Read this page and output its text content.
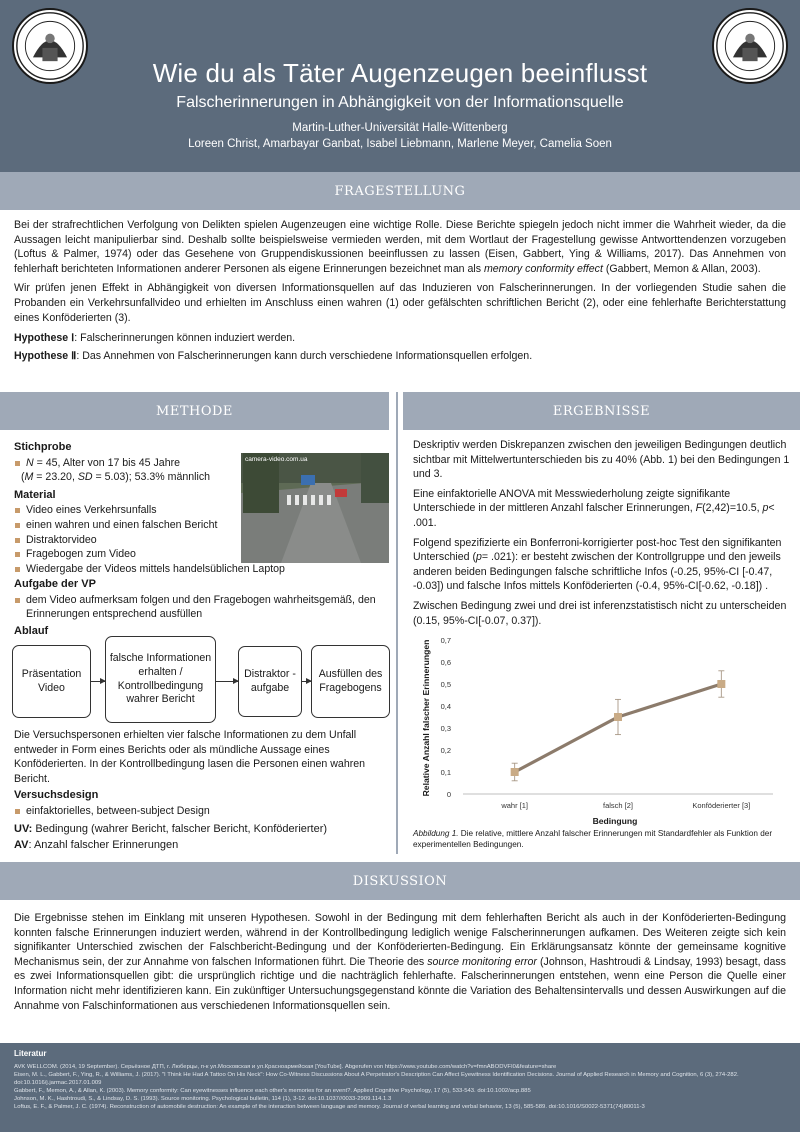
Wie du als Täter Augenzeugen beeinflusst
Falscherinnerungen in Abhängigkeit von der Informationsquelle
Martin-Luther-Universität Halle-Wittenberg
Loreen Christ, Amarbayar Ganbat, Isabel Liebmann, Marlene Meyer, Camelia Soen
FRAGESTELLUNG

Bei der strafrechtlichen Verfolgung von Delikten spielen Augenzeugen eine wichtige Rolle. Diese Berichte spiegeln jedoch nicht immer die Wahrheit wieder, da die Aussagen leicht manipulierbar sind. Deshalb sollte beispielsweise vermieden werden, mit dem Wortlaut der Fragestellung gewisse Antworttendenzen vorzugeben (Loftus & Palmer, 1974) oder das Gesehene von Gruppendiskussionen beeinflussen zu lassen (Eisen, Gabbert, Ying & Williams, 2017). Das Annehmen von fehlerhaft berichteten Informationen anderer Personen als eigene Erinnerungen bezeichnet man als memory conformity effect (Gabbert, Memon & Allan, 2003).

Wir prüfen jenen Effekt in Abhängigkeit von diversen Informationsquellen auf das Induzieren von Falscherinnerungen. In der vorliegenden Studie sahen die Probanden ein Verkehrsunfallvideo und erhielten im Anschluss einen wahren (1) oder gefälschten schriftlichen Bericht (2), oder eine fehlerhafte Berichterstattung eines Konföderierten (3).

Hypothese Ⅰ: Falscherinnerungen können induziert werden.

Hypothese Ⅱ: Das Annehmen von Falscherinnerungen kann durch verschiedene Informationsquellen erfolgen.

METHODE	ERGEBNISSE
Stichprobe
N = 45, Alter von 17 bis 45 Jahre
(M = 23.20, SD = 5.03); 53.3% männlich
Material
Video eines Verkehrsunfalls
einen wahren und einen falschen Bericht
Distraktorvideo
Fragebogen zum Video
Wiedergabe der Videos mittels handelsüblichen Laptop
camera-video.com.ua
Aufgabe der VP
dem Video aufmerksam folgen und den Fragebogen wahrheitsgemäß, den Erinnerungen entsprechend ausfüllen
Ablauf
Präsentation Video
falsche Informationen erhalten / Kontrollbedingung wahrer Bericht
Distraktor -aufgabe
Ausfüllen des Fragebogens

Die Versuchspersonen erhielten vier falsche Informationen zu dem Unfall entweder in Form eines Berichts oder als mündliche Aussage eines Konföderierten. In der Kontrollbedingung lasen die Personen einen wahren Bericht.

Versuchsdesign
einfaktorielles, between-subject Design

UV: Bedingung (wahrer Bericht, falscher Bericht, Konföderierter)

AV: Anzahl falscher Erinnerungen

Deskriptiv werden Diskrepanzen zwischen den jeweiligen Bedingungen deutlich sichtbar mit Mittelwertunterschieden bis zu 40% (Abb. 1) bei den Bedingungen 1 und 3.

Eine einfaktorielle ANOVA mit Messwiederholung zeigte signifikante Unterschiede in der mittleren Anzahl falscher Erinnerungen, F(2,42)=10.5, p< .001.

Folgend spezifizierte ein Bonferroni-korrigierter post-hoc Test den signifikanten Unterschied (p= .021): er besteht zwischen der Kontrollgruppe und den jeweils anderen beiden Bedingungen falsche schriftliche Infos (-0.25, 95%-CI [-0.47, -0.03]) und falsche Infos mittels Konföderierten (-0.4, 95%-CI[-0.62, -0.18]) .

Zwischen Bedingung zwei und drei ist inferenzstatistisch nicht zu unterscheiden (0.15, 95%-CI[-0.07, 0.37]).

Relative Anzahl falscher Erinnerungen
Bedingung
0
0,1
0,2
0,3
0,4
0,5
0,6
0,7
wahr [1]	falsch [2]	Konföderierter [3]
Abbildung 1. Die relative, mittlere Anzahl falscher Erinnerungen mit Standardfehler als Funktion der experimentellen Bedingungen.
DISKUSSION

Die Ergebnisse stehen im Einklang mit unseren Hypothesen. Sowohl in der Bedingung mit dem fehlerhaften Bericht als auch in der Konföderierten-Bedingung konnten falsche Erinnerungen induziert werden, während in der Kontrollbedingung lediglich wenige Falscherinnerungen aufkamen. Des Weiteren zeigte sich kein signifikanter Unterschied zwischen der Falschbericht-Bedingung und der Konföderierten-Bedingung. Ein Erklärungsansatz könnte der gemeinsame kognitive Mechanismus sein, der zur Annahme von falschen Informationen führt. Die Theorie des source monitoring error (Johnson, Hashtroudi & Lindsay, 1993) besagt, dass es zwei Informationsquellen gibt: die ursprünglich richtige und die nachträglich fehlerhafte. Falscherinnerungen entstehen, wenn eine Person die Quelle einer Information nicht mehr identifizieren kann. Ein zukünftiger Untersuchungsgegenstand könnte die Variation des Behaltensintervalls und dessen Auswirkungen auf die Annahme von Falschinformationen aus verschiedenen Informationsquellen sein.

Literatur
AVK WELLCOM. (2014, 19 September). Серьёзное ДТП, г. Люберцы, п-к ул.Московская и ул.Красноармейская [YouTube]. Abgerufen von https://www.youtube.com/watch?v=fmnABODVFI0&feature=share
Eisen, M. L., Gabbert, F., Ying, R., & Williams, J. (2017). "I Think He Had A Tattoo On His Neck": How Co-Witness Discussions About A Perpetrator's Description Can Affect Eyewitness Identification Decisions. Journal of Applied Research in Memory and Cognition, 6 (3), 274-282. doi:10.1016/j.jarmac.2017.01.009
Gabbert, F., Memon, A., & Allan, K. (2003). Memory conformity: Can eyewitnesses influence each other's memories for an event?. Applied Cognitive Psychology, 17 (5), 533-543. doi:10.1002/acp.885
Johnson, M. K., Hashtroudi, S., & Lindsay, D. S. (1993). Source monitoring. Psychological bulletin, 114 (1), 3-12. doi:10.1037//0033-2909.114.1.3
Loftus, E. F., & Palmer, J. C. (1974). Reconstruction of automobile destruction: An example of the interaction between language and memory. Journal of verbal learning and verbal behavior, 13 (5), 585-589. doi:10.1016/S0022-5371(74)80011-3
